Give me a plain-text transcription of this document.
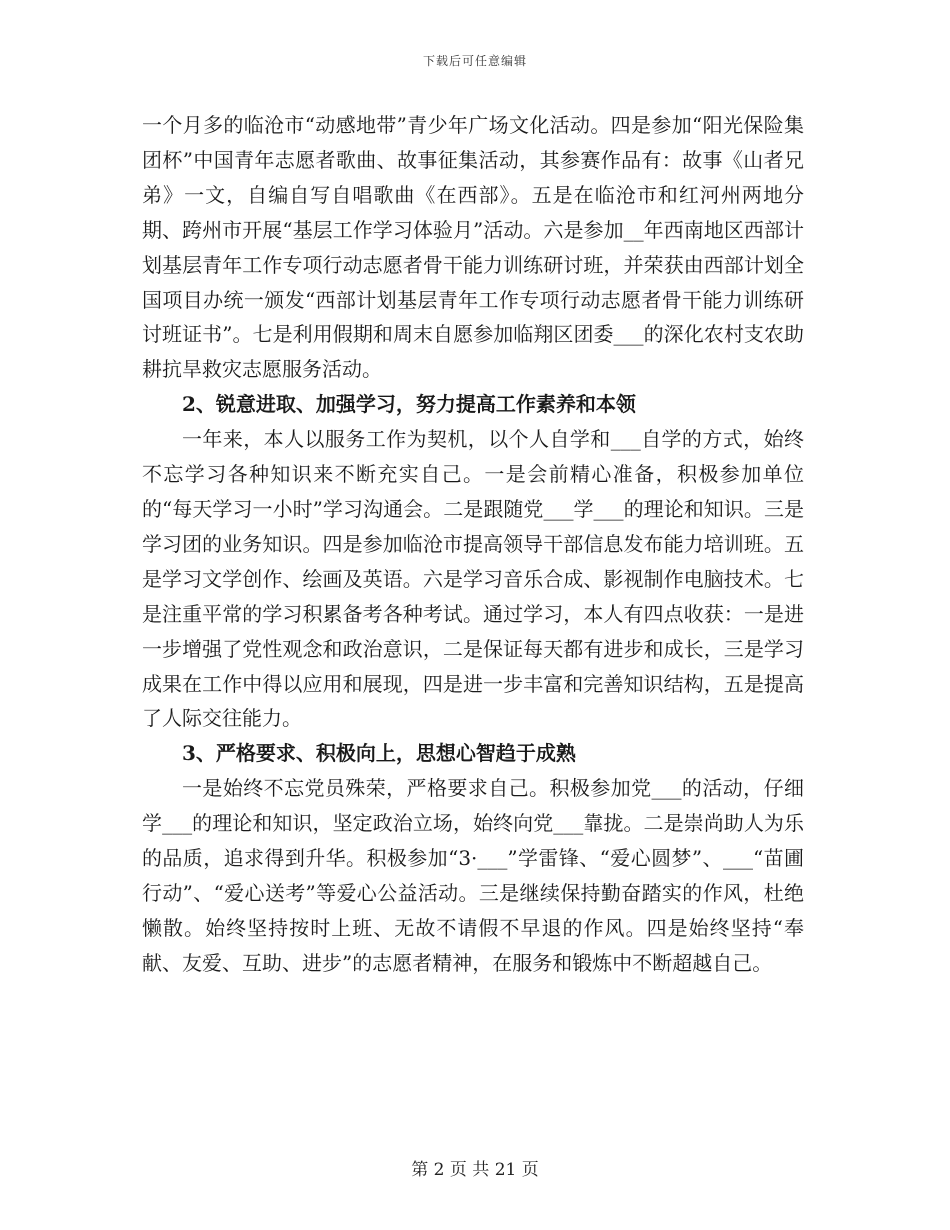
下载后可任意编辑

一个月多的临沧市“动感地带”青少年广场文化活动。四是参加“阳光保险集团杯”中国青年志愿者歌曲、故事征集活动，其参赛作品有：故事《山者兄弟》一文，自编自写自唱歌曲《在西部》。五是在临沧市和红河州两地分期、跨州市开展“基层工作学习体验月”活动。六是参加__年西南地区西部计划基层青年工作专项行动志愿者骨干能力训练研讨班，并荣获由西部计划全国项目办统一颁发“西部计划基层青年工作专项行动志愿者骨干能力训练研讨班证书”。七是利用假期和周末自愿参加临翔区团委___的深化农村支农助耕抗旱救灾志愿服务活动。

2、锐意进取、加强学习，努力提高工作素养和本领

一年来，本人以服务工作为契机，以个人自学和___自学的方式，始终不忘学习各种知识来不断充实自己。一是会前精心准备，积极参加单位的“每天学习一小时”学习沟通会。二是跟随党___学___的理论和知识。三是学习团的业务知识。四是参加临沧市提高领导干部信息发布能力培训班。五是学习文学创作、绘画及英语。六是学习音乐合成、影视制作电脑技术。七是注重平常的学习积累备考各种考试。通过学习，本人有四点收获：一是进一步增强了党性观念和政治意识，二是保证每天都有进步和成长，三是学习成果在工作中得以应用和展现，四是进一步丰富和完善知识结构，五是提高了人际交往能力。

3、严格要求、积极向上，思想心智趋于成熟

一是始终不忘党员殊荣，严格要求自己。积极参加党___的活动，仔细学___的理论和知识，坚定政治立场，始终向党___靠拢。二是崇尚助人为乐的品质，追求得到升华。积极参加“3·___”学雷锋、“爱心圆梦”、___“苗圃行动”、“爱心送考”等爱心公益活动。三是继续保持勤奋踏实的作风，杜绝懒散。始终坚持按时上班、无故不请假不早退的作风。四是始终坚持“奉献、友爱、互助、进步”的志愿者精神，在服务和锻炼中不断超越自己。

第 2 页 共 21 页
